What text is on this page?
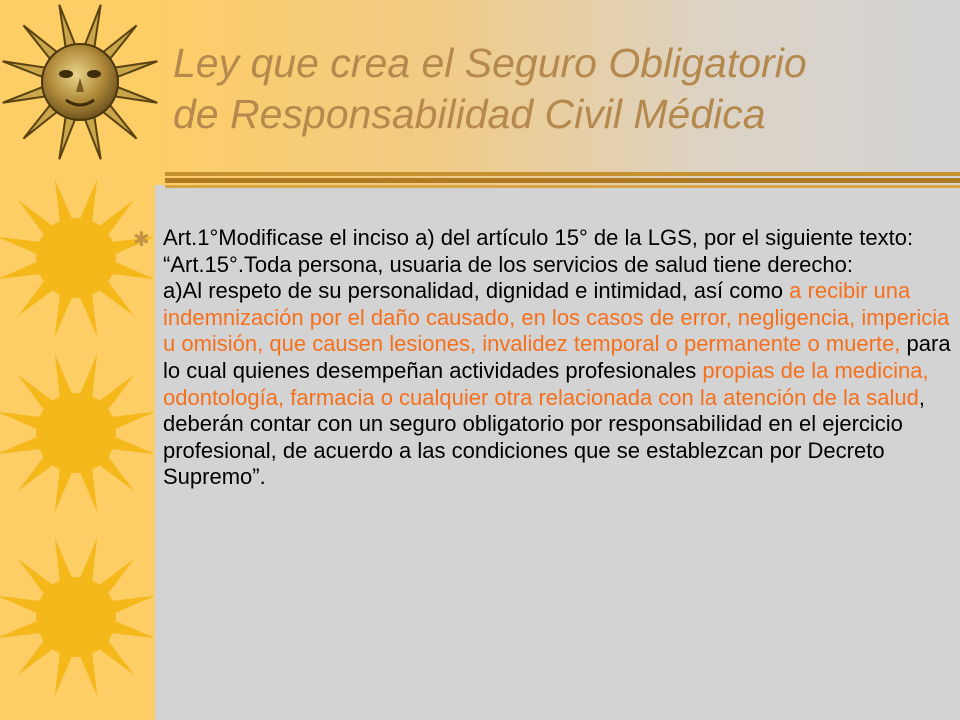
Ley que crea el Seguro Obligatorio
de Responsabilidad Civil Médica
✱ Art.1°Modificase el inciso a) del artículo 15° de la LGS, por el siguiente texto: “Art.15°.Toda persona, usuaria de los servicios de salud tiene derecho:
a)Al respeto de su personalidad, dignidad e intimidad, así como a recibir una indemnización por el daño causado, en los casos de error, negligencia, impericia u omisión, que causen lesiones, invalidez temporal o permanente o muerte, para lo cual quienes desempeñan actividades profesionales propias de la medicina, odontología, farmacia o cualquier otra relacionada con la atención de la salud, deberán contar con un seguro obligatorio por responsabilidad en el ejercicio profesional, de acuerdo a las condiciones que se establezcan por Decreto Supremo”.
